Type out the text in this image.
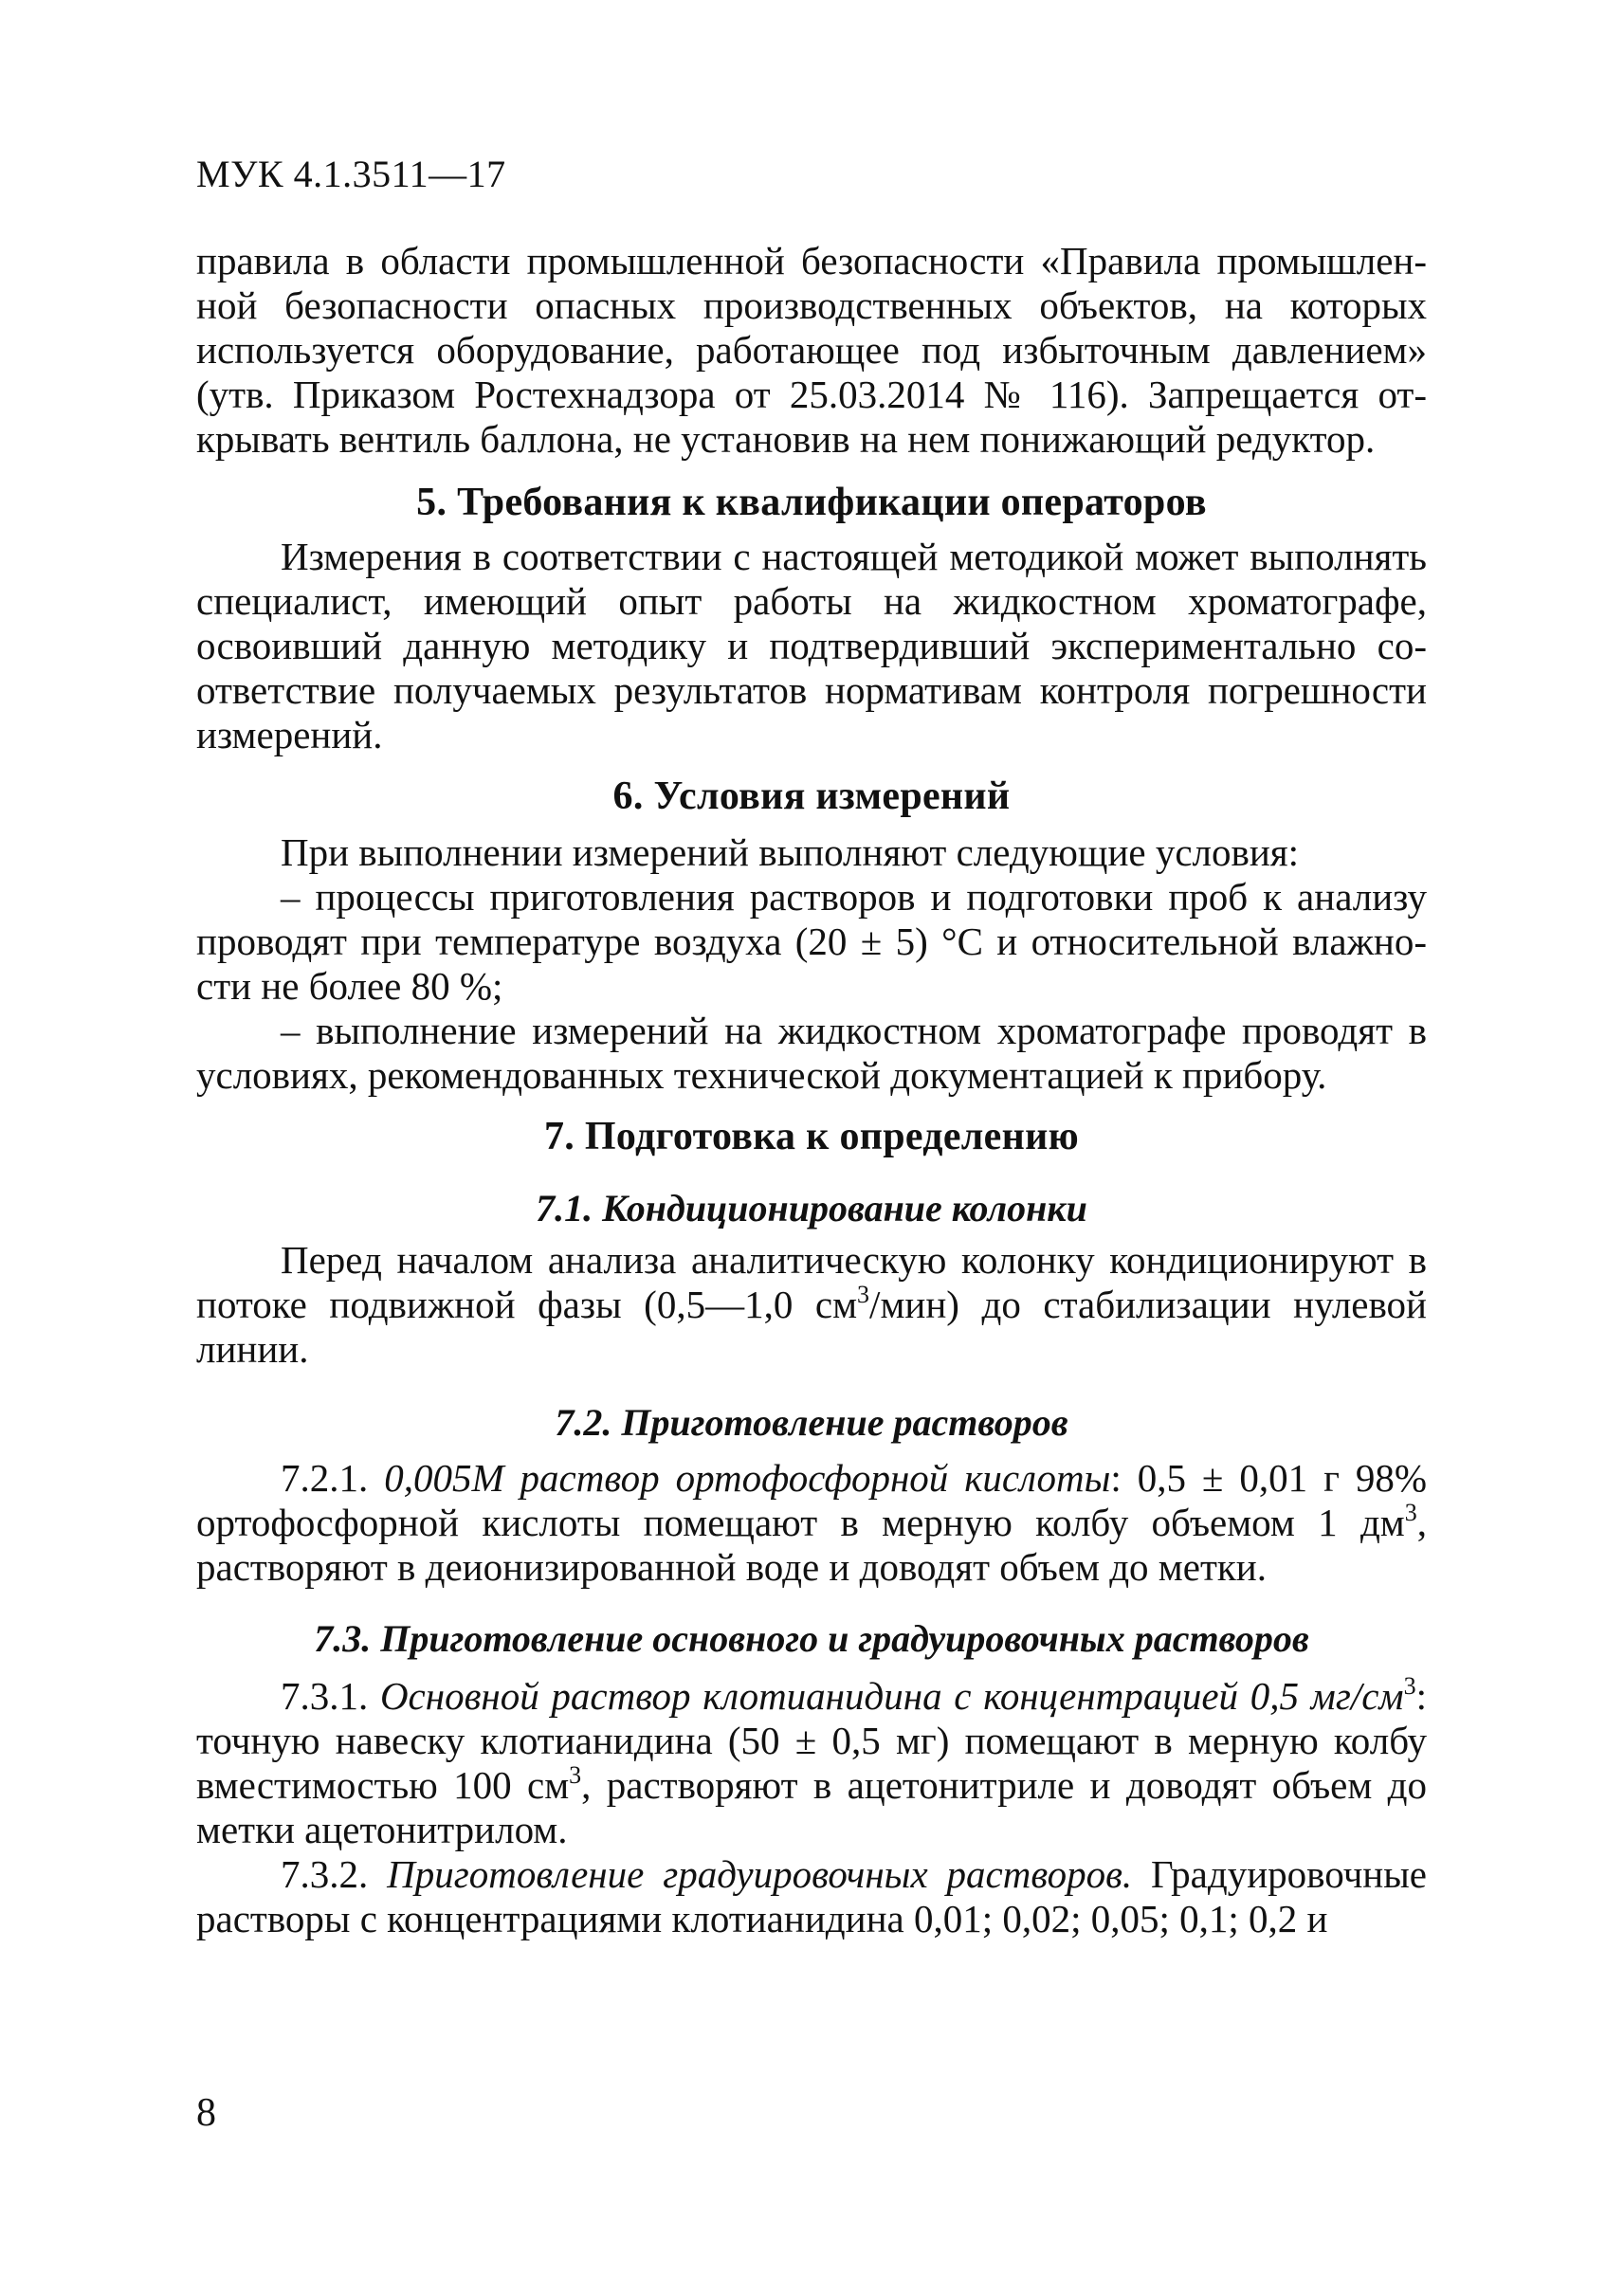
МУК 4.1.3511—17

правила в области промышленной безопасности «Правила промышленной безопасности опасных производственных объектов, на которых используется оборудование, работающее под избыточным давлением» (утв. Приказом Ростехнадзора от 25.03.2014 № 116). Запрещается открывать вентиль баллона, не установив на нем понижающий редуктор.

5. Требования к квалификации операторов

Измерения в соответствии с настоящей методикой может выполнять специалист, имеющий опыт работы на жидкостном хроматографе, освоивший данную методику и подтвердивший экспериментально соответствие получаемых результатов нормативам контроля погрешности измерений.

6. Условия измерений

При выполнении измерений выполняют следующие условия:

– процессы приготовления растворов и подготовки проб к анализу проводят при температуре воздуха (20 ± 5) °С и относительной влажности не более 80 %;

– выполнение измерений на жидкостном хроматографе проводят в условиях, рекомендованных технической документацией к прибору.

7. Подготовка к определению
7.1. Кондиционирование колонки

Перед началом анализа аналитическую колонку кондиционируют в потоке подвижной фазы (0,5—1,0 $см^3/мин$) до стабилизации нулевой линии.

7.2. Приготовление растворов

7.2.1. 0,005М раствор ортофосфорной кислоты: 0,5 ± 0,01 г 98% ортофосфорной кислоты помещают в мерную колбу объемом 1 $дм^3$, растворяют в деионизированной воде и доводят объем до метки.

7.3. Приготовление основного и градуировочных растворов

7.3.1. Основной раствор клотианидина с концентрацией 0,5 $мг/см^3$: точную навеску клотианидина (50 ± 0,5 мг) помещают в мерную колбу вместимостью 100 $см^3$, растворяют в ацетонитриле и доводят объем до метки ацетонитрилом.

7.3.2. Приготовление градуировочных растворов. Градуировочные растворы с концентрациями клотианидина 0,01; 0,02; 0,05; 0,1; 0,2 и

8
